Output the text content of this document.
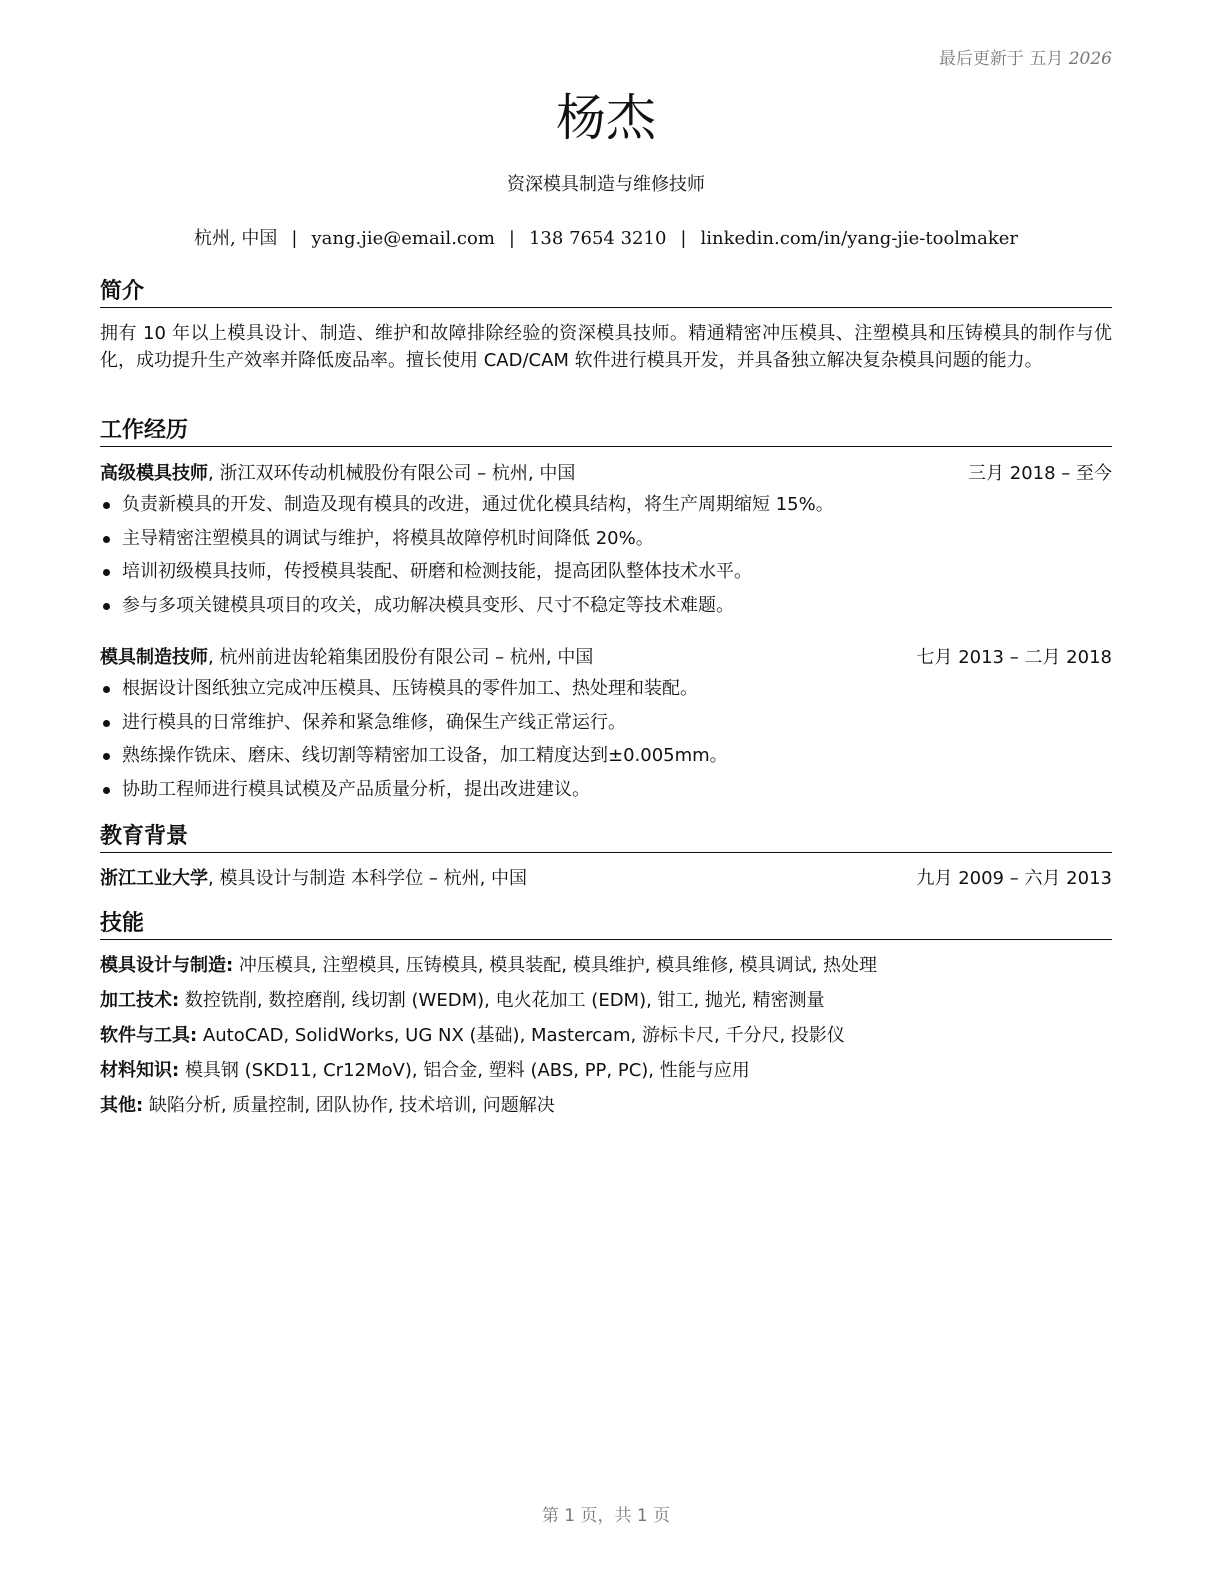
最后更新于 五月 2026
杨杰
资深模具制造与维修技师
杭州, 中国 | yang.jie@email.com | 138 7654 3210 | linkedin.com/in/yang-jie-toolmaker
简介
拥有 10 年以上模具设计、制造、维护和故障排除经验的资深模具技师。精通精密冲压模具、注塑模具和压铸模具的制作与优化，成功提升生产效率并降低废品率。擅长使用 CAD/CAM 软件进行模具开发，并具备独立解决复杂模具问题的能力。
工作经历
高级模具技师, 浙江双环传动机械股份有限公司 – 杭州, 中国	三月 2018 – 至今
负责新模具的开发、制造及现有模具的改进，通过优化模具结构，将生产周期缩短 15%。
主导精密注塑模具的调试与维护，将模具故障停机时间降低 20%。
培训初级模具技师，传授模具装配、研磨和检测技能，提高团队整体技术水平。
参与多项关键模具项目的攻关，成功解决模具变形、尺寸不稳定等技术难题。
模具制造技师, 杭州前进齿轮箱集团股份有限公司 – 杭州, 中国	七月 2013 – 二月 2018
根据设计图纸独立完成冲压模具、压铸模具的零件加工、热处理和装配。
进行模具的日常维护、保养和紧急维修，确保生产线正常运行。
熟练操作铣床、磨床、线切割等精密加工设备，加工精度达到±0.005mm。
协助工程师进行模具试模及产品质量分析，提出改进建议。
教育背景
浙江工业大学, 模具设计与制造 本科学位 – 杭州, 中国	九月 2009 – 六月 2013
技能
模具设计与制造: 冲压模具, 注塑模具, 压铸模具, 模具装配, 模具维护, 模具维修, 模具调试, 热处理
加工技术: 数控铣削, 数控磨削, 线切割 (WEDM), 电火花加工 (EDM), 钳工, 抛光, 精密测量
软件与工具: AutoCAD, SolidWorks, UG NX (基础), Mastercam, 游标卡尺, 千分尺, 投影仪
材料知识: 模具钢 (SKD11, Cr12MoV), 铝合金, 塑料 (ABS, PP, PC), 性能与应用
其他: 缺陷分析, 质量控制, 团队协作, 技术培训, 问题解决
第 1 页，共 1 页
